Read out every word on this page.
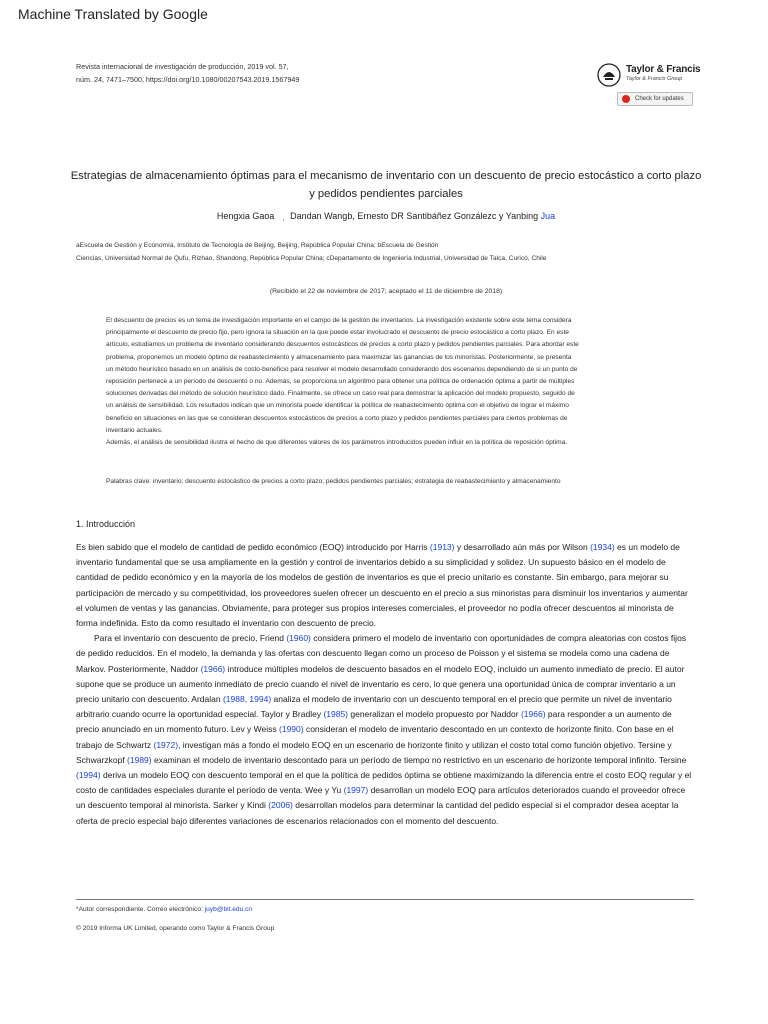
Machine Translated by Google
Revista internacional de investigación de producción, 2019 vol. 57,
núm. 24, 7471–7500, https://doi.org/10.1080/00207543.2019.1567949
Taylor & Francis
Taylor & Francis Group
Check for updates
Estrategias de almacenamiento óptimas para el mecanismo de inventario con un descuento de precio estocástico a corto plazo y pedidos pendientes parciales
Hengxia Gaoa , Dandan Wangb, Ernesto DR Santibáñez Gonzálezc y Yanbing Jua
aEscuela de Gestión y Economía, Instituto de Tecnología de Beijing, Beijing, República Popular China; bEscuela de Gestión
Ciencias, Universidad Normal de Qufu, Rizhao, Shandong, República Popular China; cDepartamento de Ingeniería Industrial, Universidad de Talca, Curicó, Chile
(Recibido el 22 de noviembre de 2017; aceptado el 11 de diciembre de 2018)
El descuento de precios es un tema de investigación importante en el campo de la gestión de inventarios. La investigación existente sobre este tema considera
principalmente el descuento de precio fijo, pero ignora la situación en la que puede estar involucrado el descuento de precio estocástico a corto plazo. En este
artículo, estudiamos un problema de inventario considerando descuentos estocásticos de precios a corto plazo y pedidos pendientes parciales. Para abordar este
problema, proponemos un modelo óptimo de reabastecimiento y almacenamiento para maximizar las ganancias de los minoristas. Posteriormente, se presenta
un método heurístico basado en un análisis de costo-beneficio para resolver el modelo desarrollado considerando dos escenarios dependiendo de si un punto de
reposición pertenece a un período de descuento o no. Además, se proporciona un algoritmo para obtener una política de ordenación óptima a partir de múltiples
soluciones derivadas del método de solución heurístico dado. Finalmente, se ofrece un caso real para demostrar la aplicación del modelo propuesto, seguido de
un análisis de sensibilidad. Los resultados indican que un minorista puede identificar la política de reabastecimiento óptima con el objetivo de lograr el máximo
beneficio en situaciones en las que se consideran descuentos estocásticos de precios a corto plazo y pedidos pendientes parciales para ciertos problemas de
inventario actuales.
Además, el análisis de sensibilidad ilustra el hecho de que diferentes valores de los parámetros introducidos pueden influir en la política de reposición óptima.
Palabras clave: inventario; descuento estocástico de precios a corto plazo; pedidos pendientes parciales; estrategia de reabastecimiento y almacenamiento
1. Introducción

Es bien sabido que el modelo de cantidad de pedido económico (EOQ) introducido por Harris (1913) y desarrollado aún más por Wilson (1934) es un modelo de inventario fundamental que se usa ampliamente en la gestión y control de inventarios debido a su simplicidad y solidez. Un supuesto básico en el modelo de cantidad de pedido económico y en la mayoría de los modelos de gestión de inventarios es que el precio unitario es constante. Sin embargo, para mejorar su participación de mercado y su competitividad, los proveedores suelen ofrecer un descuento en el precio a sus minoristas para disminuir los inventarios y aumentar el volumen de ventas y las ganancias. Obviamente, para proteger sus propios intereses comerciales, el proveedor no podía ofrecer descuentos al minorista de forma indefinida. Esto da como resultado el inventario con descuento de precio.

Para el inventario con descuento de precio, Friend (1960) considera primero el modelo de inventario con oportunidades de compra aleatorias con costos fijos de pedido reducidos. En el modelo, la demanda y las ofertas con descuento llegan como un proceso de Poisson y el sistema se modela como una cadena de Markov. Posteriormente, Naddor (1966) introduce múltiples modelos de descuento basados en el modelo EOQ, incluido un aumento inmediato de precio. El autor supone que se produce un aumento inmediato de precio cuando el nivel de inventario es cero, lo que genera una oportunidad única de comprar inventario a un precio unitario con descuento. Ardalan (1988, 1994) analiza el modelo de inventario con un descuento temporal en el precio que permite un nivel de inventario arbitrario cuando ocurre la oportunidad especial. Taylor y Bradley (1985) generalizan el modelo propuesto por Naddor (1966) para responder a un aumento de precio anunciado en un momento futuro. Lev y Weiss (1990) consideran el modelo de inventario descontado en un contexto de horizonte finito. Con base en el trabajo de Schwartz (1972), investigan más a fondo el modelo EOQ en un escenario de horizonte finito y utilizan el costo total como función objetivo. Tersine y Schwarzkopf (1989) examinan el modelo de inventario descontado para un período de tiempo no restrictivo en un escenario de horizonte temporal infinito. Tersine (1994) deriva un modelo EOQ con descuento temporal en el que la política de pedidos óptima se obtiene maximizando la diferencia entre el costo EOQ regular y el costo de cantidades especiales durante el período de venta. Wee y Yu (1997) desarrollan un modelo EOQ para artículos deteriorados cuando el proveedor ofrece un descuento temporal al minorista. Sarker y Kindi (2006) desarrollan modelos para determinar la cantidad del pedido especial si el comprador desea aceptar la oferta de precio especial bajo diferentes variaciones de escenarios relacionados con el momento del descuento.

*Autor correspondiente. Correo electrónico: juyb@bit.edu.cn
© 2019 Informa UK Limited, operando como Taylor & Francis Group
